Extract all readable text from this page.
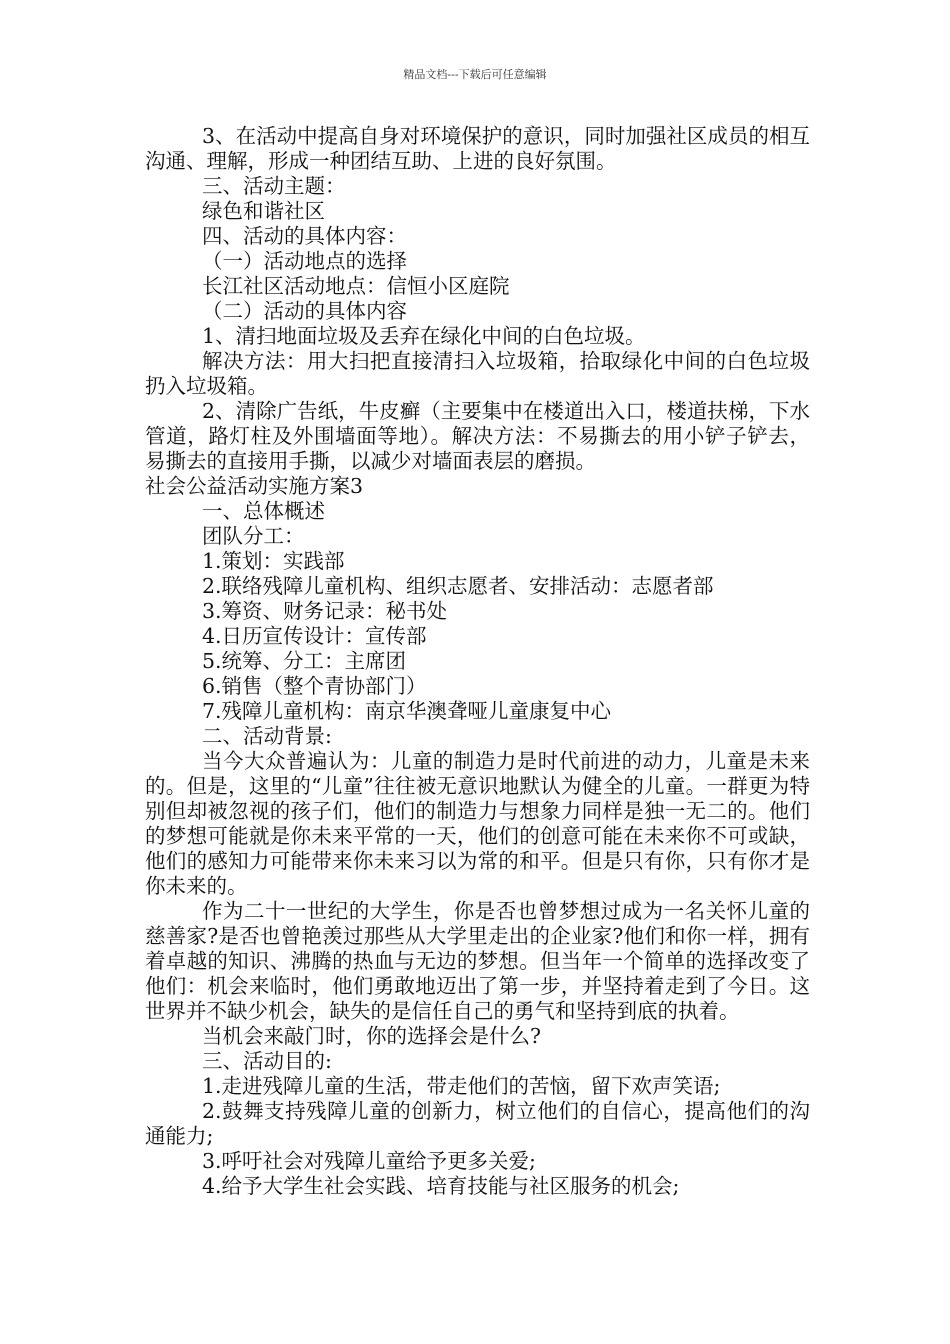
精品文档---下载后可任意编辑

3、在活动中提高自身对环境保护的意识，同时加强社区成员的相互沟通、理解，形成一种团结互助、上进的良好氛围。

三、活动主题：

绿色和谐社区

四、活动的具体内容：

（一）活动地点的选择

长江社区活动地点：信恒小区庭院

（二）活动的具体内容

1、清扫地面垃圾及丢弃在绿化中间的白色垃圾。

解决方法：用大扫把直接清扫入垃圾箱，拾取绿化中间的白色垃圾扔入垃圾箱。

2、清除广告纸，牛皮癣（主要集中在楼道出入口，楼道扶梯，下水管道，路灯柱及外围墙面等地）。解决方法：不易撕去的用小铲子铲去，易撕去的直接用手撕，以减少对墙面表层的磨损。

社会公益活动实施方案3

一、总体概述

团队分工：

1.策划：实践部

2.联络残障儿童机构、组织志愿者、安排活动：志愿者部

3.筹资、财务记录：秘书处

4.日历宣传设计：宣传部

5.统筹、分工：主席团

6.销售（整个青协部门）

7.残障儿童机构：南京华澳聋哑儿童康复中心

二、活动背景:

当今大众普遍认为：儿童的制造力是时代前进的动力，儿童是未来的。但是，这里的“儿童”往往被无意识地默认为健全的儿童。一群更为特别但却被忽视的孩子们，他们的制造力与想象力同样是独一无二的。他们的梦想可能就是你未来平常的一天，他们的创意可能在未来你不可或缺，他们的感知力可能带来你未来习以为常的和平。但是只有你，只有你才是你未来的。

作为二十一世纪的大学生，你是否也曾梦想过成为一名关怀儿童的慈善家?是否也曾艳羡过那些从大学里走出的企业家?他们和你一样，拥有着卓越的知识、沸腾的热血与无边的梦想。但当年一个简单的选择改变了他们：机会来临时，他们勇敢地迈出了第一步，并坚持着走到了今日。这世界并不缺少机会，缺失的是信任自己的勇气和坚持到底的执着。

当机会来敲门时，你的选择会是什么?

三、活动目的:

1.走进残障儿童的生活，带走他们的苦恼，留下欢声笑语;

2.鼓舞支持残障儿童的创新力，树立他们的自信心，提高他们的沟通能力;

3.呼吁社会对残障儿童给予更多关爱;

4.给予大学生社会实践、培育技能与社区服务的机会;
